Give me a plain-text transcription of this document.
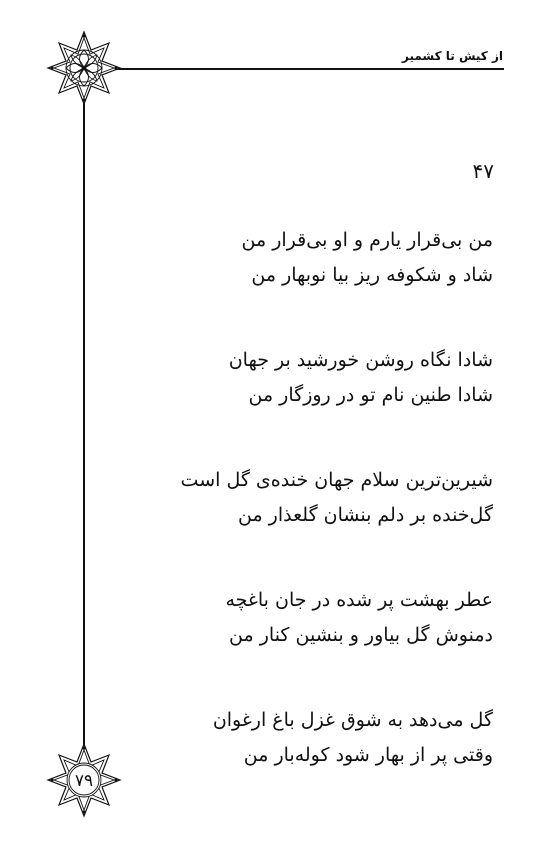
از کیش تا کشمیر
۴۷
من بی‌قرار یارم و او بی‌قرار من
شاد و شکوفه ریز بیا نوبهار من
شادا نگاه روشن خورشید بر جهان
شادا طنین نام تو در روزگار من
شیرین‌ترین سلام جهان خنده‌ی گل است
گل‌خنده بر دلم بنشان گلعذار من
عطر بهشت پر شده در جان باغچه
دمنوش گل بیاور و بنشین کنار من
گل می‌دهد به شوق غزل باغ ارغوان
وقتی پر از بهار شود کوله‌بار من
۷۹
